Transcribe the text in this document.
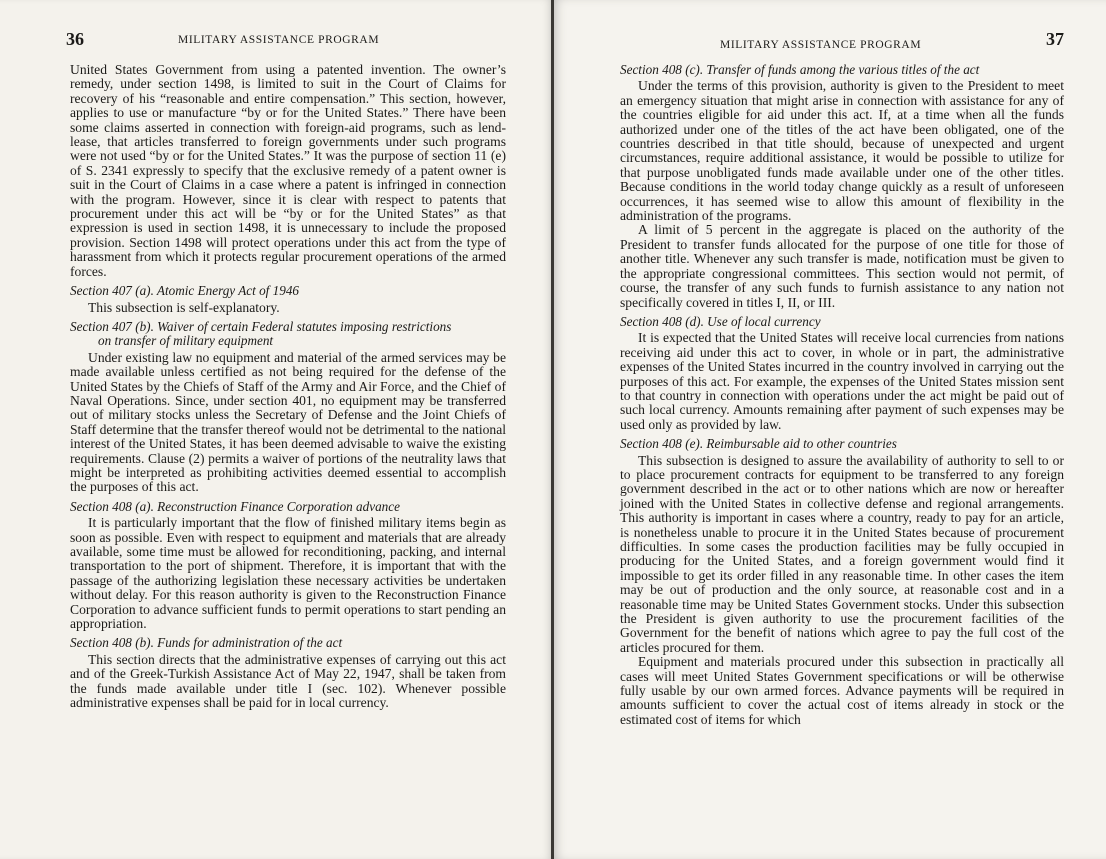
36	MILITARY ASSISTANCE PROGRAM

United States Government from using a patented invention. The owner’s remedy, under section 1498, is limited to suit in the Court of Claims for recovery of his “reasonable and entire compensation.” This section, however, applies to use or manufacture “by or for the United States.” There have been some claims asserted in connection with foreign-aid programs, such as lend-lease, that articles transferred to foreign governments under such programs were not used “by or for the United States.” It was the purpose of section 11 (e) of S. 2341 expressly to specify that the exclusive remedy of a patent owner is suit in the Court of Claims in a case where a patent is infringed in connection with the program. However, since it is clear with respect to patents that procurement under this act will be “by or for the United States” as that expression is used in section 1498, it is unnecessary to include the proposed provision. Section 1498 will protect operations under this act from the type of harassment from which it protects regular procurement operations of the armed forces.

Section 407 (a). Atomic Energy Act of 1946

This subsection is self-explanatory.

Section 407 (b). Waiver of certain Federal statutes imposing restrictions
on transfer of military equipment

Under existing law no equipment and material of the armed services may be made available unless certified as not being required for the defense of the United States by the Chiefs of Staff of the Army and Air Force, and the Chief of Naval Operations. Since, under section 401, no equipment may be transferred out of military stocks unless the Secretary of Defense and the Joint Chiefs of Staff determine that the transfer thereof would not be detrimental to the national interest of the United States, it has been deemed advisable to waive the existing requirements. Clause (2) permits a waiver of portions of the neutrality laws that might be interpreted as prohibiting activities deemed essential to accomplish the purposes of this act.

Section 408 (a). Reconstruction Finance Corporation advance

It is particularly important that the flow of finished military items begin as soon as possible. Even with respect to equipment and materials that are already available, some time must be allowed for reconditioning, packing, and internal transportation to the port of shipment. Therefore, it is important that with the passage of the authorizing legislation these necessary activities be undertaken without delay. For this reason authority is given to the Reconstruction Finance Corporation to advance sufficient funds to permit operations to start pending an appropriation.

Section 408 (b). Funds for administration of the act

This section directs that the administrative expenses of carrying out this act and of the Greek-Turkish Assistance Act of May 22, 1947, shall be taken from the funds made available under title I (sec. 102). Whenever possible administrative expenses shall be paid for in local currency.

MILITARY ASSISTANCE PROGRAM	37
Section 408 (c). Transfer of funds among the various titles of the act

Under the terms of this provision, authority is given to the President to meet an emergency situation that might arise in connection with assistance for any of the countries eligible for aid under this act. If, at a time when all the funds authorized under one of the titles of the act have been obligated, one of the countries described in that title should, because of unexpected and urgent circumstances, require additional assistance, it would be possible to utilize for that purpose unobligated funds made available under one of the other titles. Because conditions in the world today change quickly as a result of unforeseen occurrences, it has seemed wise to allow this amount of flexibility in the administration of the programs.

A limit of 5 percent in the aggregate is placed on the authority of the President to transfer funds allocated for the purpose of one title for those of another title. Whenever any such transfer is made, notification must be given to the appropriate congressional committees. This section would not permit, of course, the transfer of any such funds to furnish assistance to any nation not specifically covered in titles I, II, or III.

Section 408 (d). Use of local currency

It is expected that the United States will receive local currencies from nations receiving aid under this act to cover, in whole or in part, the administrative expenses of the United States incurred in the country involved in carrying out the purposes of this act. For example, the expenses of the United States mission sent to that country in connection with operations under the act might be paid out of such local currency. Amounts remaining after payment of such expenses may be used only as provided by law.

Section 408 (e). Reimbursable aid to other countries

This subsection is designed to assure the availability of authority to sell to or to place procurement contracts for equipment to be transferred to any foreign government described in the act or to other nations which are now or hereafter joined with the United States in collective defense and regional arrangements. This authority is important in cases where a country, ready to pay for an article, is nonetheless unable to procure it in the United States because of procurement difficulties. In some cases the production facilities may be fully occupied in producing for the United States, and a foreign government would find it impossible to get its order filled in any reasonable time. In other cases the item may be out of production and the only source, at reasonable cost and in a reasonable time may be United States Government stocks. Under this subsection the President is given authority to use the procurement facilities of the Government for the benefit of nations which agree to pay the full cost of the articles procured for them.

Equipment and materials procured under this subsection in practically all cases will meet United States Government specifications or will be otherwise fully usable by our own armed forces. Advance payments will be required in amounts sufficient to cover the actual cost of items already in stock or the estimated cost of items for which
